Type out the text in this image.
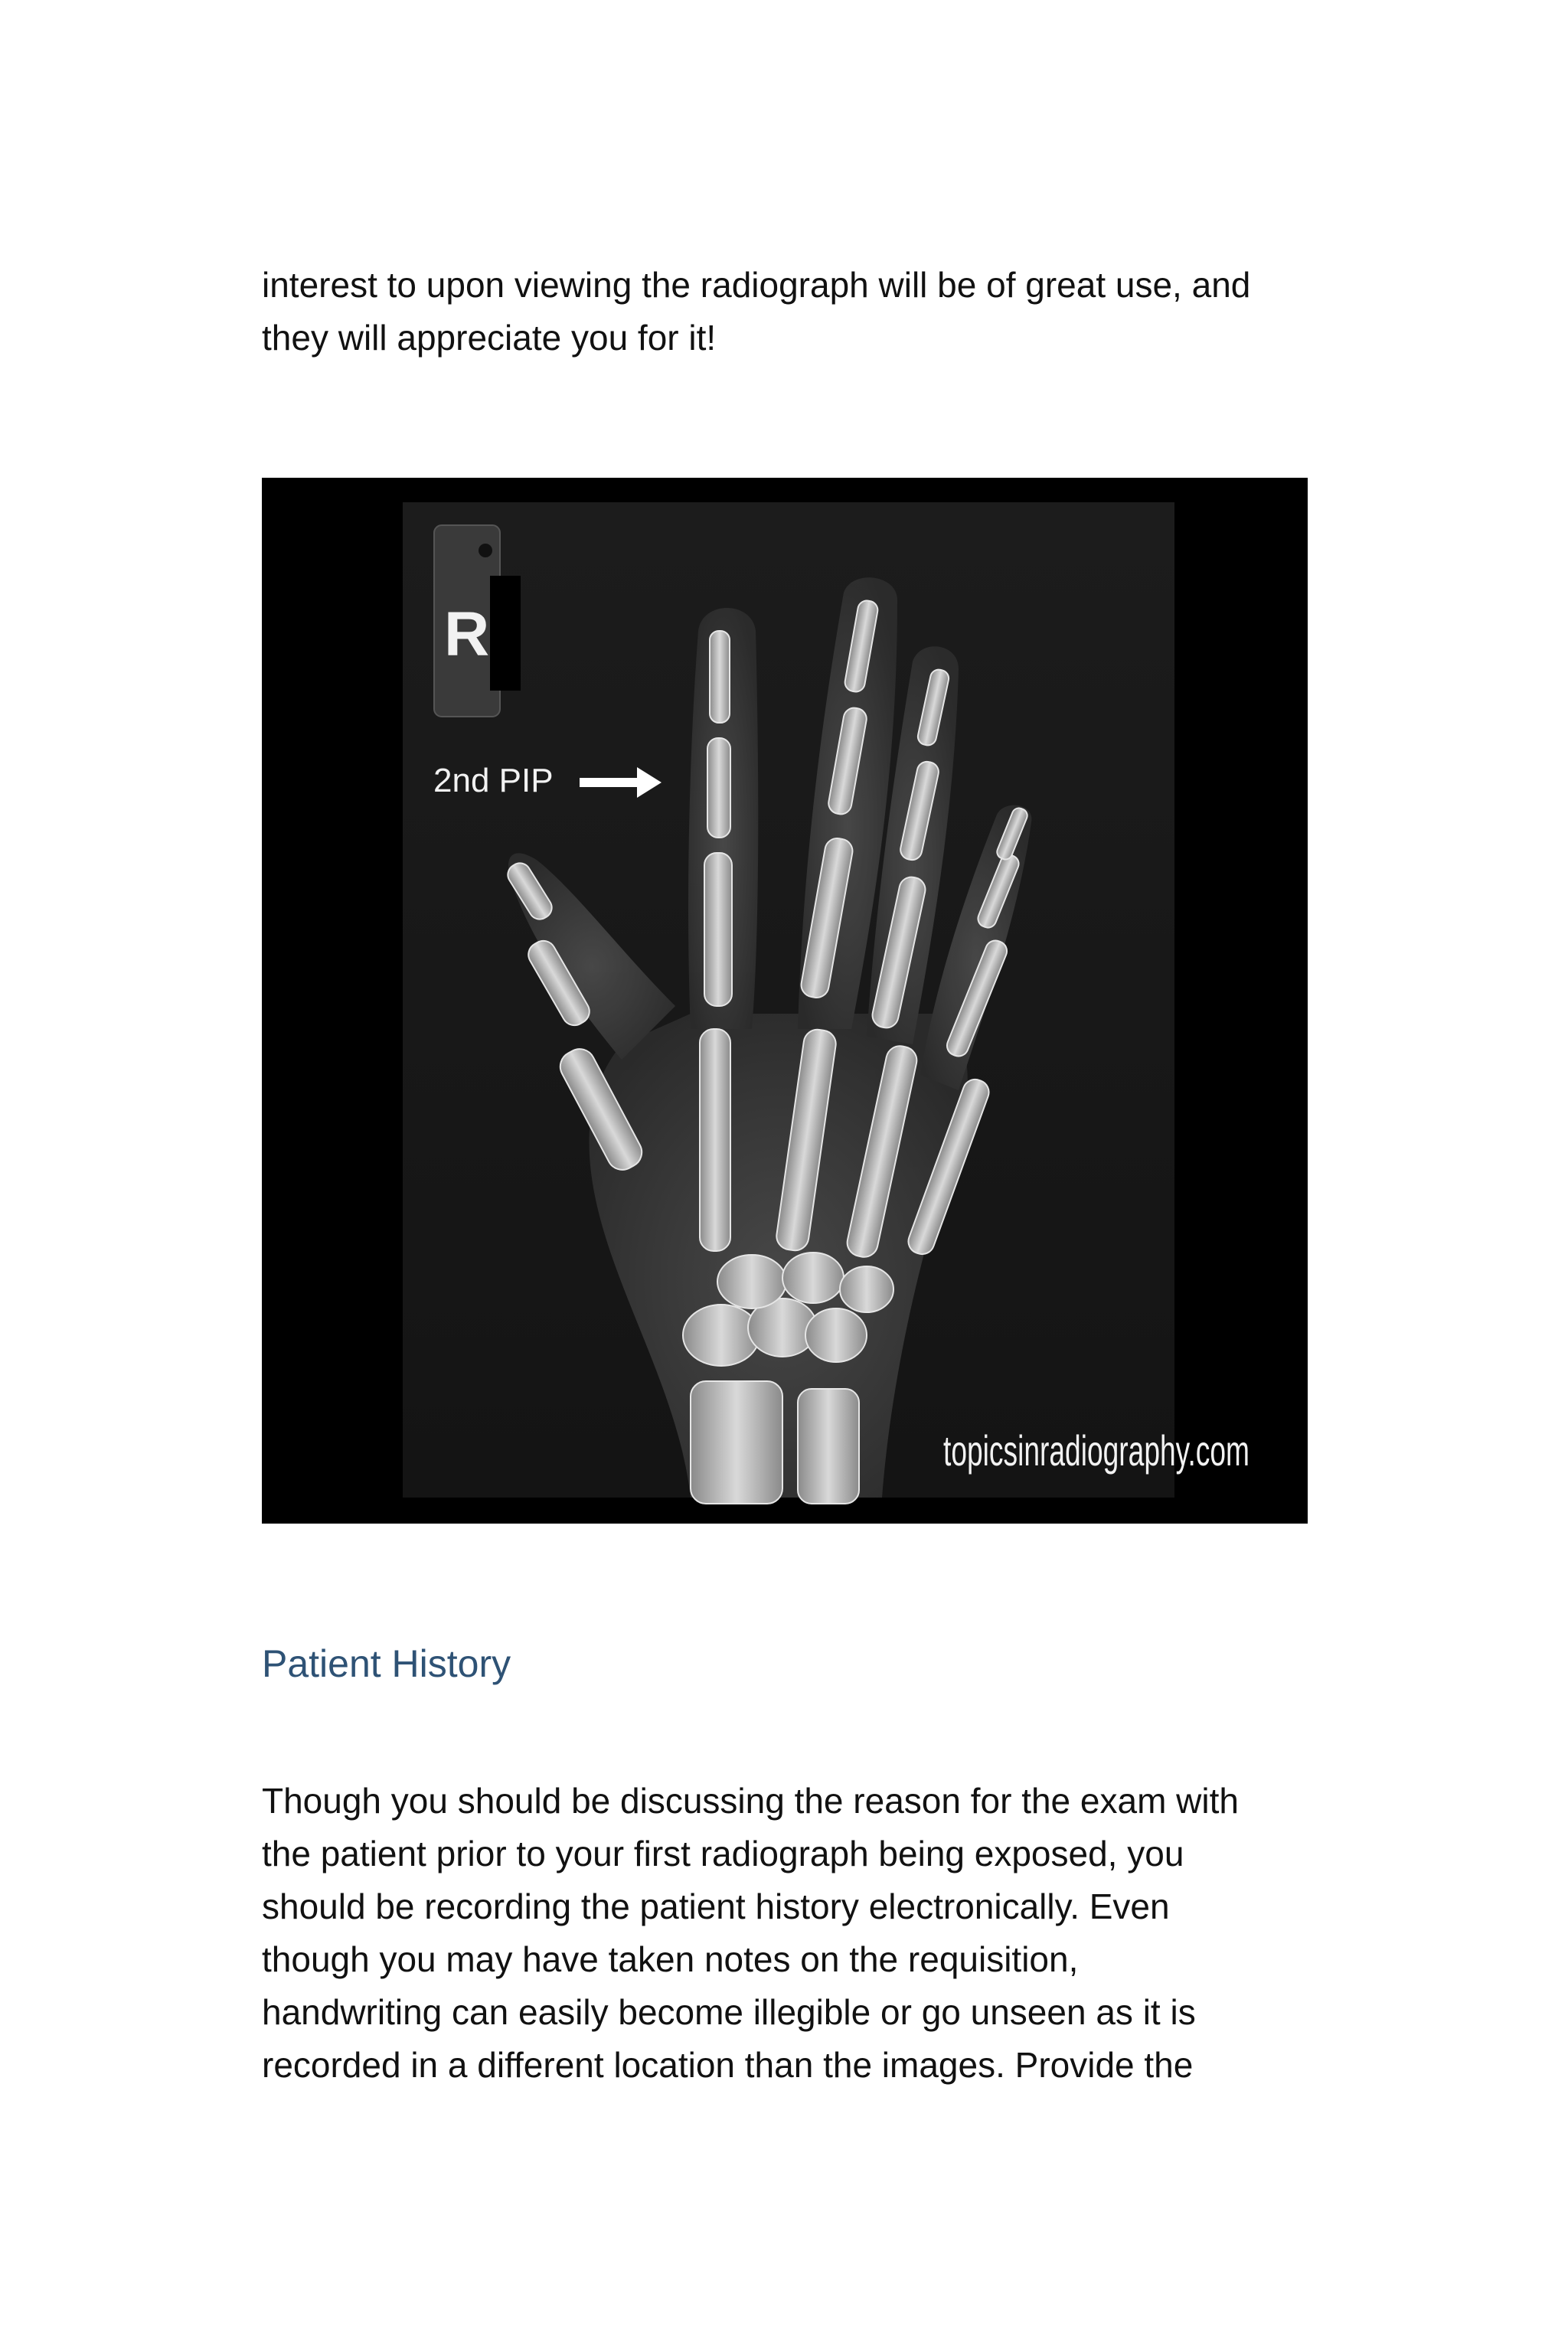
interest to upon viewing the radiograph will be of great use, and
they will appreciate you for it!

R
2nd PIP
topicsinradiography.com
Patient History

Though you should be discussing the reason for the exam with
the patient prior to your first radiograph being exposed, you
should be recording the patient history electronically. Even
though you may have taken notes on the requisition,
handwriting can easily become illegible or go unseen as it is
recorded in a different location than the images. Provide the
